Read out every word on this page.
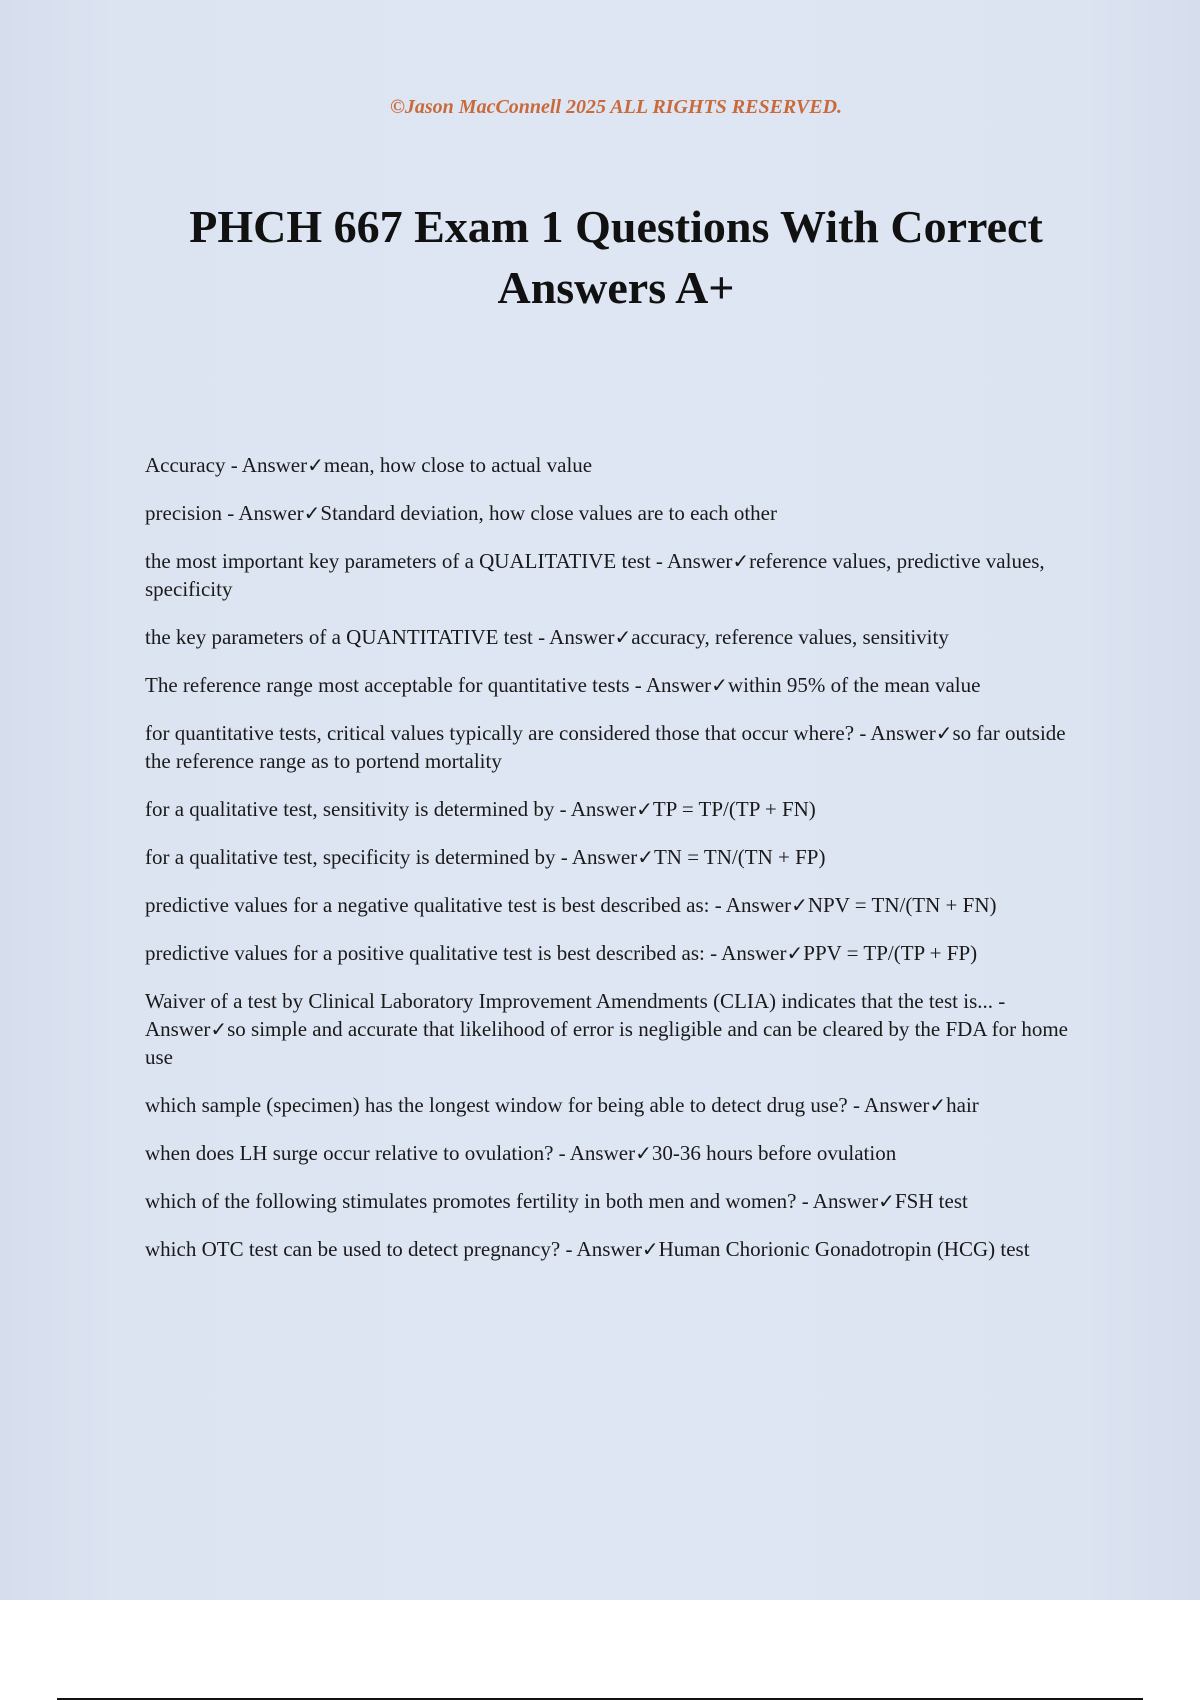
©Jason MacConnell 2025 ALL RIGHTS RESERVED.
PHCH 667 Exam 1 Questions With Correct Answers A+
Accuracy - Answer✓mean, how close to actual value
precision - Answer✓Standard deviation, how close values are to each other
the most important key parameters of a QUALITATIVE test - Answer✓reference values, predictive values, specificity
the key parameters of a QUANTITATIVE test - Answer✓accuracy, reference values, sensitivity
The reference range most acceptable for quantitative tests - Answer✓within 95% of the mean value
for quantitative tests, critical values typically are considered those that occur where? - Answer✓so far outside the reference range as to portend mortality
for a qualitative test, sensitivity is determined by - Answer✓TP = TP/(TP + FN)
for a qualitative test, specificity is determined by - Answer✓TN = TN/(TN + FP)
predictive values for a negative qualitative test is best described as: - Answer✓NPV = TN/(TN + FN)
predictive values for a positive qualitative test is best described as: - Answer✓PPV = TP/(TP + FP)
Waiver of a test by Clinical Laboratory Improvement Amendments (CLIA) indicates that the test is... - Answer✓so simple and accurate that likelihood of error is negligible and can be cleared by the FDA for home use
which sample (specimen) has the longest window for being able to detect drug use? - Answer✓hair
when does LH surge occur relative to ovulation? - Answer✓30-36 hours before ovulation
which of the following stimulates promotes fertility in both men and women? - Answer✓FSH test
which OTC test can be used to detect pregnancy? - Answer✓Human Chorionic Gonadotropin (HCG) test
